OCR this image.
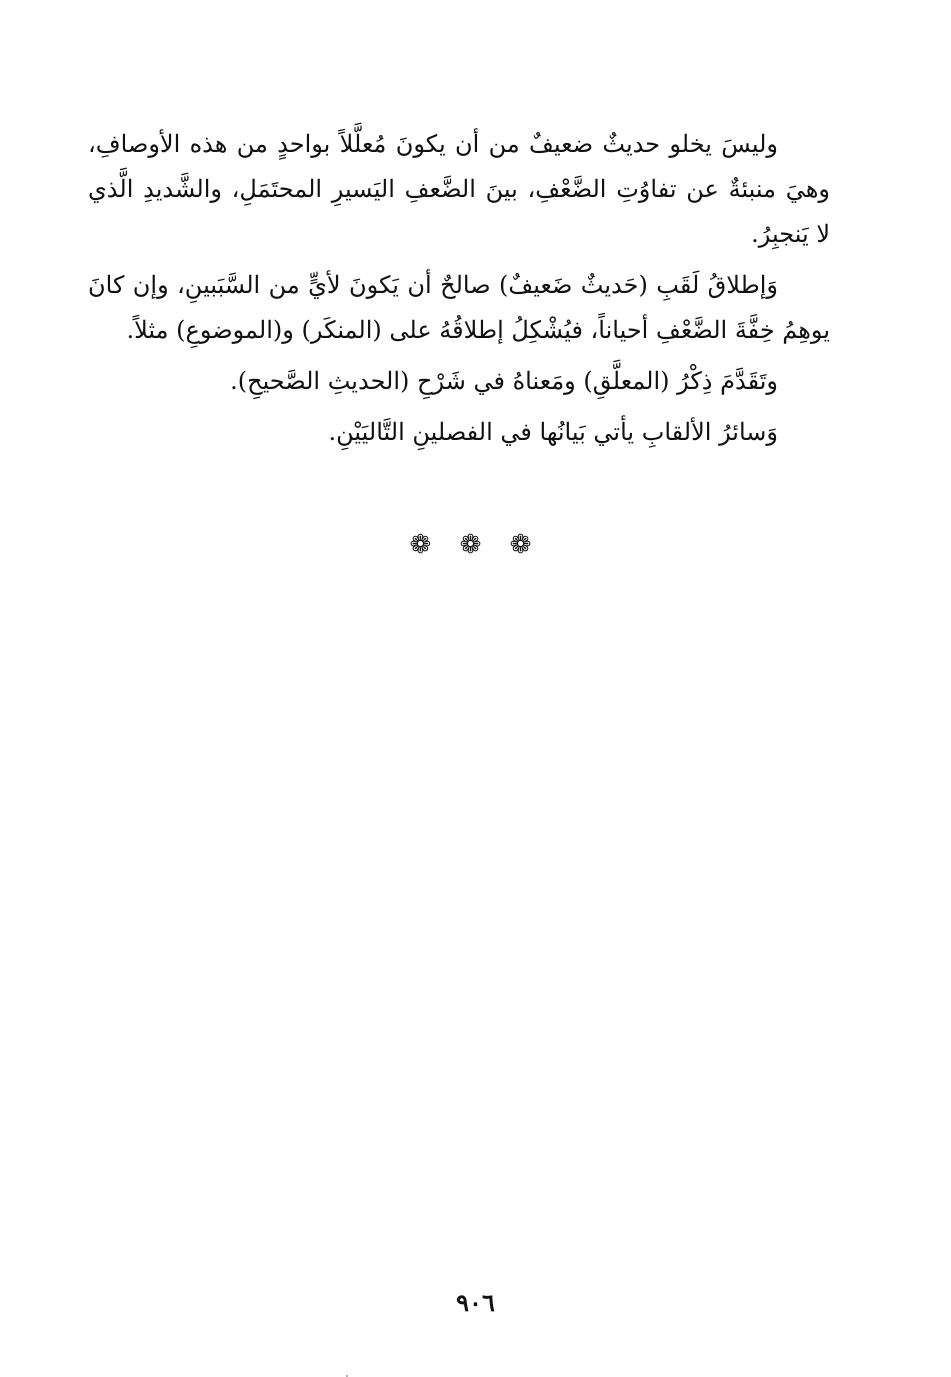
وليسَ يخلو حديثٌ ضعيفٌ من أن يكونَ مُعلَّلاً بواحدٍ من هذه الأوصافِ، وهيَ منبئةٌ عن تفاوُتِ الضَّعْفِ، بينَ الضَّعفِ اليَسيرِ المحتَمَلِ، والشَّديدِ الَّذي لا يَنجبِرُ.

وَإطلاقُ لَقَبِ (حَديثٌ ضَعيفٌ) صالحٌ أن يَكونَ لأيٍّ من السَّبَبينِ، وإن كانَ يوهِمُ خِفَّةَ الضَّعْفِ أحياناً، فيُشْكِلُ إطلاقُهُ على (المنكَر) و(الموضوعِ) مثلاً.

وتَقَدَّمَ ذِكْرُ (المعلَّقِ) ومَعناهُ في شَرْحِ (الحديثِ الصَّحيحِ).

وَسائرُ الألقابِ يأتي بَيانُها في الفصلينِ التَّاليَيْنِ.

❁ ❁ ❁
٩٠٦
